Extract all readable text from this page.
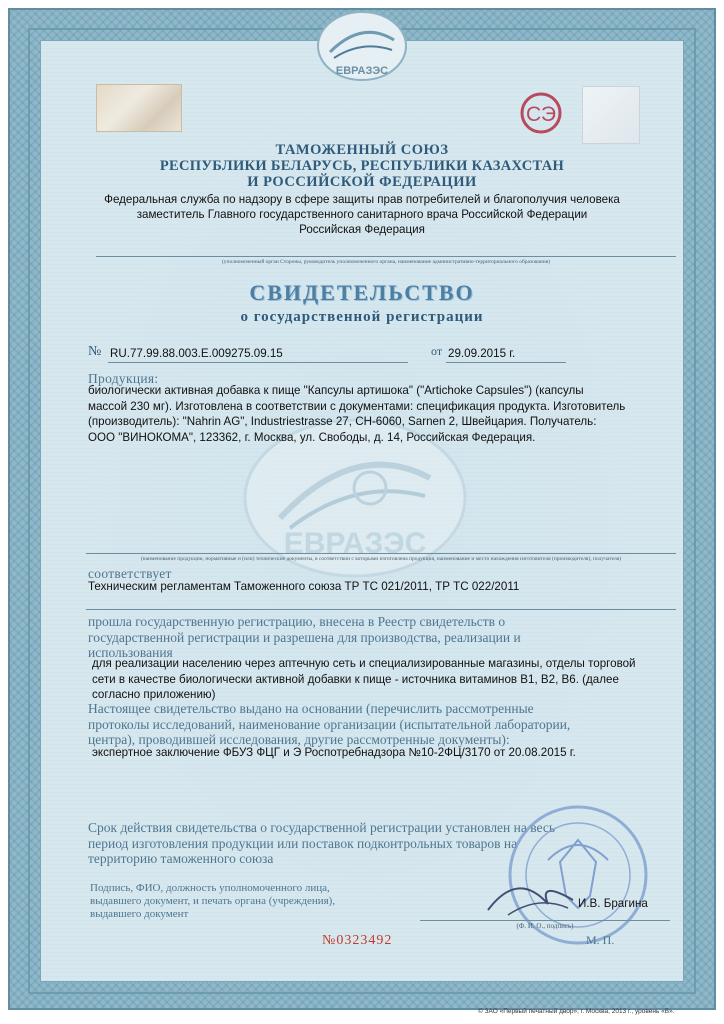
ЕВРАЗЭС
СЭ
ТАМОЖЕННЫЙ СОЮЗ
РЕСПУБЛИКИ БЕЛАРУСЬ, РЕСПУБЛИКИ КАЗАХСТАН
И РОССИЙСКОЙ ФЕДЕРАЦИИ
Федеральная служба по надзору в сфере защиты прав потребителей и благополучия человека
заместитель Главного государственного санитарного врача Российской Федерации
Российская Федерация
(уполномоченный орган Стороны, руководитель уполномоченного органа, наименование административно-территориального образования)
СВИДЕТЕЛЬСТВО
о государственной регистрации
№ RU.77.99.88.003.E.009275.09.15	от 29.09.2015 г.
ЕВРАЗЭС
Продукция:
биологически активная добавка к пище "Капсулы артишока" ("Artichoke Capsules") (капсулы
массой 230 мг). Изготовлена в соответствии с документами: спецификация продукта. Изготовитель
(производитель): "Nahrin AG", Industriestrasse 27, CH-6060, Sarnen 2, Швейцария. Получатель:
ООО "ВИНОКОМА", 123362, г. Москва, ул. Свободы, д. 14, Российская Федерация.
(наименование продукции, нормативные и (или) технические документы, в соответствии с которыми изготовлена продукция, наименование и место нахождения изготовителя (производителя), получателя)
соответствует
Техническим регламентам Таможенного союза ТР ТС 021/2011, ТР ТС 022/2011
прошла государственную регистрацию, внесена в Реестр свидетельств о
государственной регистрации и разрешена для производства, реализации и
использования
для реализации населению через аптечную сеть и специализированные магазины, отделы торговой
сети в качестве биологически активной добавки к пище - источника витаминов В1, В2, В6. (далее
согласно приложению)
Настоящее свидетельство выдано на основании (перечислить рассмотренные
протоколы исследований, наименование организации (испытательной лаборатории,
центра), проводившей исследования, другие рассмотренные документы):
экспертное заключение ФБУЗ ФЦГ и Э Роспотребнадзора №10-2ФЦ/3170 от 20.08.2015 г.
Срок действия свидетельства о государственной регистрации установлен на весь
период изготовления продукции или поставок подконтрольных товаров на
территорию таможенного союза
Подпись, ФИО, должность уполномоченного лица,
выдавшего документ, и печать органа (учреждения),
выдавшего документ
И.В. Брагина
(Ф. И. О., подпись)
№0323492	М. П.
© ЗАО «Первый печатный двор», г. Москва, 2013 г., уровень «В».
